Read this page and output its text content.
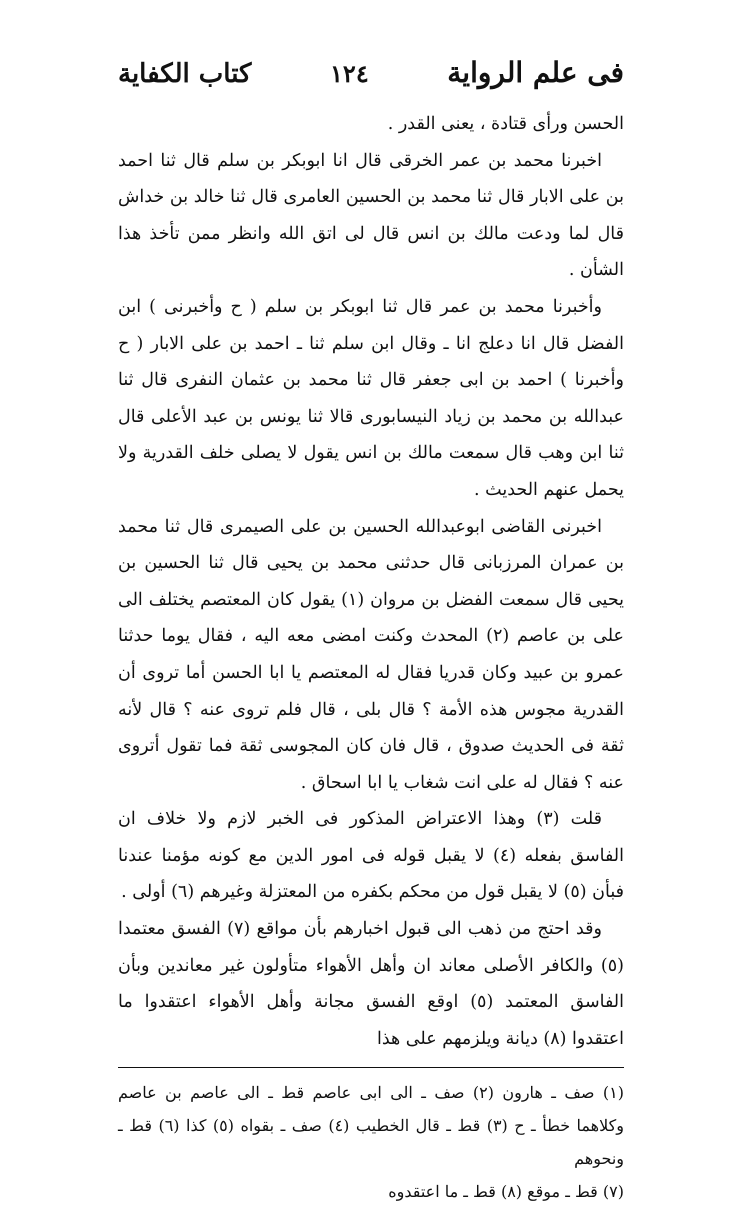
كتاب الكفاية	١٢٤	فى علم الرواية

الحسن ورأى قتادة ، يعنى القدر .

اخبرنا محمد بن عمر الخرقى قال انا ابوبكر بن سلم قال ثنا احمد بن على الابار قال ثنا محمد بن الحسين العامرى قال ثنا خالد بن خداش قال لما ودعت مالك بن انس قال لى اتق الله وانظر ممن تأخذ هذا الشأن .

وأخبرنا محمد بن عمر قال ثنا ابوبكر بن سلم ( ح وأخبرنى ) ابن الفضل قال انا دعلج انا ـ وقال ابن سلم ثنا ـ احمد بن على الابار ( ح وأخبرنا ) احمد بن ابى جعفر قال ثنا محمد بن عثمان النفرى قال ثنا عبدالله بن محمد بن زياد النيسابورى قالا ثنا يونس بن عبد الأعلى قال ثنا ابن وهب قال سمعت مالك بن انس يقول لا يصلى خلف القدرية ولا يحمل عنهم الحديث .

اخبرنى القاضى ابوعبدالله الحسين بن على الصيمرى قال ثنا محمد بن عمران المرزبانى قال حدثنى محمد بن يحيى قال ثنا الحسين بن يحيى قال سمعت الفضل بن مروان (١) يقول كان المعتصم يختلف الى على بن عاصم (٢) المحدث وكنت امضى معه اليه ، فقال يوما حدثنا عمرو بن عبيد وكان قدريا فقال له المعتصم يا ابا الحسن أما تروى أن القدرية مجوس هذه الأمة ؟ قال بلى ، قال فلم تروى عنه ؟ قال لأنه ثقة فى الحديث صدوق ، قال فان كان المجوسى ثقة فما تقول أتروى عنه ؟ فقال له على انت شغاب يا ابا اسحاق .

قلت (٣) وهذا الاعتراض المذكور فى الخبر لازم ولا خلاف ان الفاسق بفعله (٤) لا يقبل قوله فى امور الدين مع كونه مؤمنا عندنا فبأن (٥) لا يقبل قول من محكم بكفره من المعتزلة وغيرهم (٦) أولى .

وقد احتج من ذهب الى قبول اخبارهم بأن مواقع (٧) الفسق معتمدا (٥) والكافر الأصلى معاند ان وأهل الأهواء متأولون غير معاندين وبأن الفاسق المعتمد (٥) اوقع الفسق مجانة وأهل الأهواء اعتقدوا ما اعتقدوا (٨) ديانة ويلزمهم على هذا

(١) صف ـ هارون (٢) صف ـ الى ابى عاصم قط ـ الى عاصم بن عاصم وكلاهما خطأ ـ ح (٣) قط ـ قال الخطيب (٤) صف ـ بقواه (٥) كذا (٦) قط ـ ونحوهم

(٧) قط ـ موقع (٨) قط ـ ما اعتقدوه
